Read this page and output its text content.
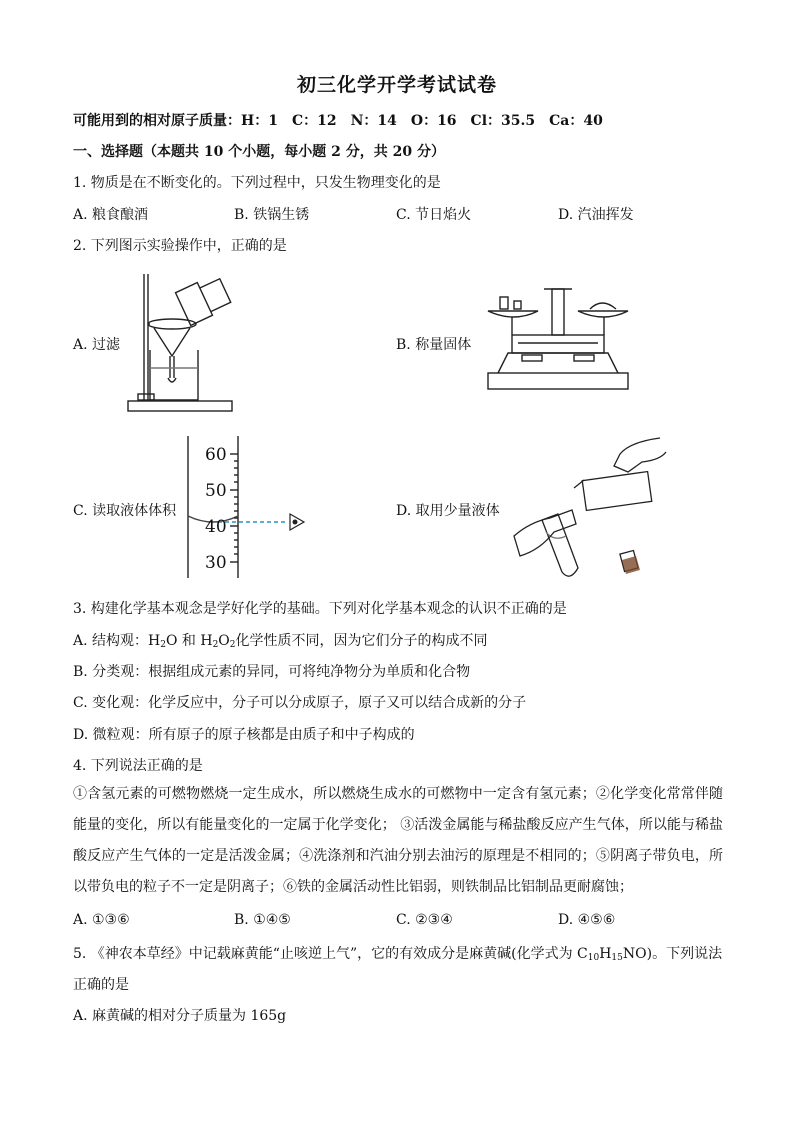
初三化学开学考试试卷
可能用到的相对原子质量：H：1　C：12　N：14　O：16　Cl：35.5　Ca：40
一、选择题（本题共 10 个小题，每小题 2 分，共 20 分）
1. 物质是在不断变化的。下列过程中，只发生物理变化的是
A. 粮食酿酒	B. 铁锅生锈	C. 节日焰火	D. 汽油挥发
2. 下列图示实验操作中，正确的是
A. 过滤	B. 称量固体
C. 读取液体体积
60
50
40
30
D. 取用少量液体
3. 构建化学基本观念是学好化学的基础。下列对化学基本观念的认识不正确的是
A. 结构观：$H_2O$ 和 $H_2O_2$化学性质不同，因为它们分子的构成不同
B. 分类观：根据组成元素的异同，可将纯净物分为单质和化合物
C. 变化观：化学反应中，分子可以分成原子，原子又可以结合成新的分子
D. 微粒观：所有原子的原子核都是由质子和中子构成的
4. 下列说法正确的是
①含氢元素的可燃物燃烧一定生成水，所以燃烧生成水的可燃物中一定含有氢元素；②化学变化常常伴随能量的变化，所以有能量变化的一定属于化学变化； ③活泼金属能与稀盐酸反应产生气体，所以能与稀盐酸反应产生气体的一定是活泼金属；④洗涤剂和汽油分别去油污的原理是不相同的；⑤阴离子带负电，所以带负电的粒子不一定是阴离子；⑥铁的金属活动性比铝弱，则铁制品比铝制品更耐腐蚀；
A. ①③⑥	B. ①④⑤	C. ②③④	D. ④⑤⑥
5. 《神农本草经》中记载麻黄能“止咳逆上气”，它的有效成分是麻黄碱(化学式为 $C_{10}H_{15}NO$)。下列说法
正确的是
A. 麻黄碱的相对分子质量为 165g
